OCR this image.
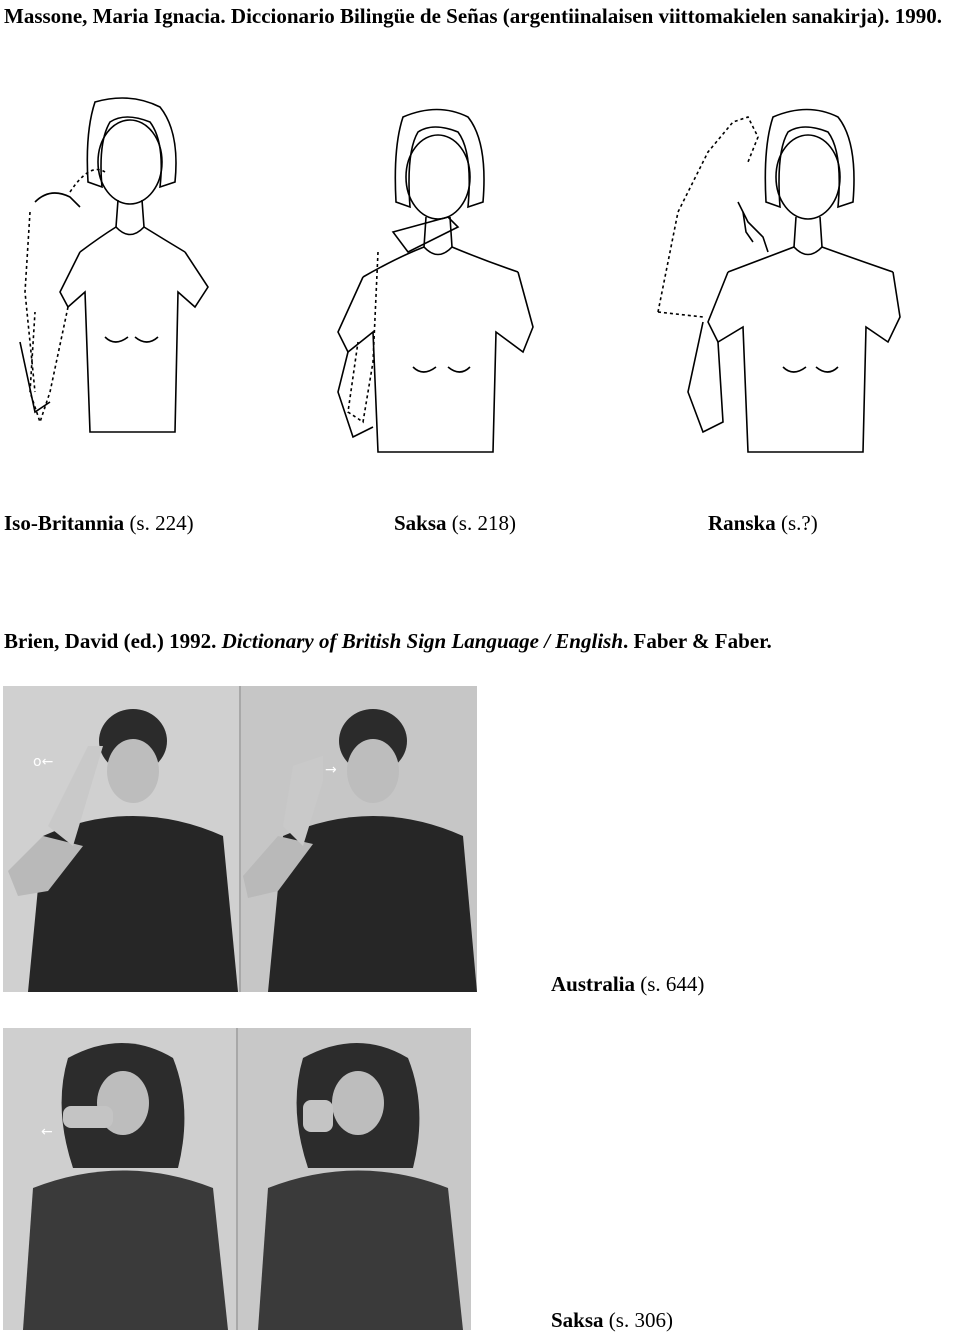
Massone, Maria Ignacia. Diccionario Bilingüe de Señas (argentiinalaisen viittomakielen sanakirja). 1990.
Iso-Britannia (s. 224)	Saksa (s. 218)	Ranska (s.?)
Brien, David (ed.) 1992. Dictionary of British Sign Language / English. Faber & Faber.
o←	→
Australia (s. 644)
←
Saksa (s. 306)
